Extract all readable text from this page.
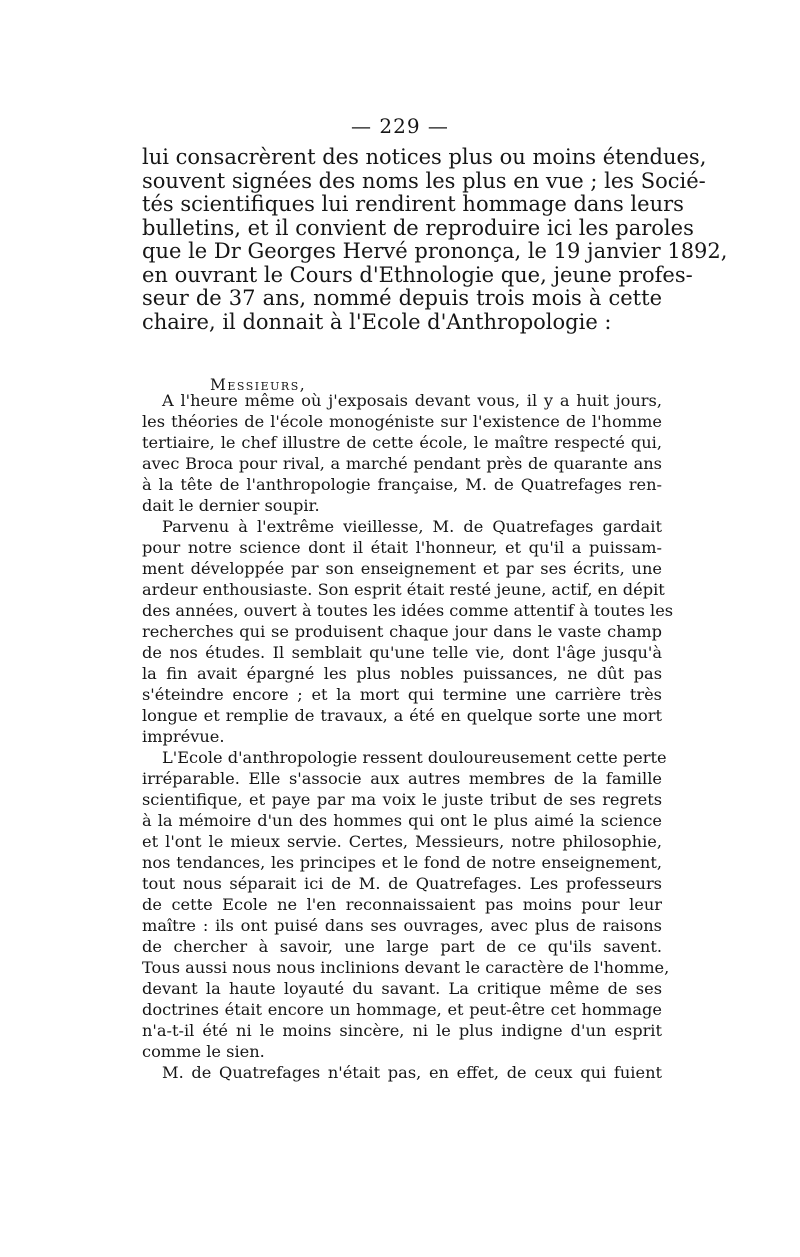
— 229 —
lui consacrèrent des notices plus ou moins étendues,
souvent signées des noms les plus en vue ; les Socié-
tés scientifiques lui rendirent hommage dans leurs
bulletins, et il convient de reproduire ici les paroles
que le Dr Georges Hervé prononça, le 19 janvier 1892,
en ouvrant le Cours d'Ethnologie que, jeune profes-
seur de 37 ans, nommé depuis trois mois à cette
chaire, il donnait à l'Ecole d'Anthropologie :
Messieurs,
A l'heure même où j'exposais devant vous, il y a huit jours,
les théories de l'école monogéniste sur l'existence de l'homme
tertiaire, le chef illustre de cette école, le maître respecté qui,
avec Broca pour rival, a marché pendant près de quarante ans
à la tête de l'anthropologie française, M. de Quatrefages ren-
dait le dernier soupir.
Parvenu à l'extrême vieillesse, M. de Quatrefages gardait
pour notre science dont il était l'honneur, et qu'il a puissam-
ment développée par son enseignement et par ses écrits, une
ardeur enthousiaste. Son esprit était resté jeune, actif, en dépit
des années, ouvert à toutes les idées comme attentif à toutes les
recherches qui se produisent chaque jour dans le vaste champ
de nos études. Il semblait qu'une telle vie, dont l'âge jusqu'à
la fin avait épargné les plus nobles puissances, ne dût pas
s'éteindre encore ; et la mort qui termine une carrière très
longue et remplie de travaux, a été en quelque sorte une mort
imprévue.
L'Ecole d'anthropologie ressent douloureusement cette perte
irréparable. Elle s'associe aux autres membres de la famille
scientifique, et paye par ma voix le juste tribut de ses regrets
à la mémoire d'un des hommes qui ont le plus aimé la science
et l'ont le mieux servie. Certes, Messieurs, notre philosophie,
nos tendances, les principes et le fond de notre enseignement,
tout nous séparait ici de M. de Quatrefages. Les professeurs
de cette Ecole ne l'en reconnaissaient pas moins pour leur
maître : ils ont puisé dans ses ouvrages, avec plus de raisons
de chercher à savoir, une large part de ce qu'ils savent.
Tous aussi nous nous inclinions devant le caractère de l'homme,
devant la haute loyauté du savant. La critique même de ses
doctrines était encore un hommage, et peut-être cet hommage
n'a-t-il été ni le moins sincère, ni le plus indigne d'un esprit
comme le sien.
M. de Quatrefages n'était pas, en effet, de ceux qui fuient
